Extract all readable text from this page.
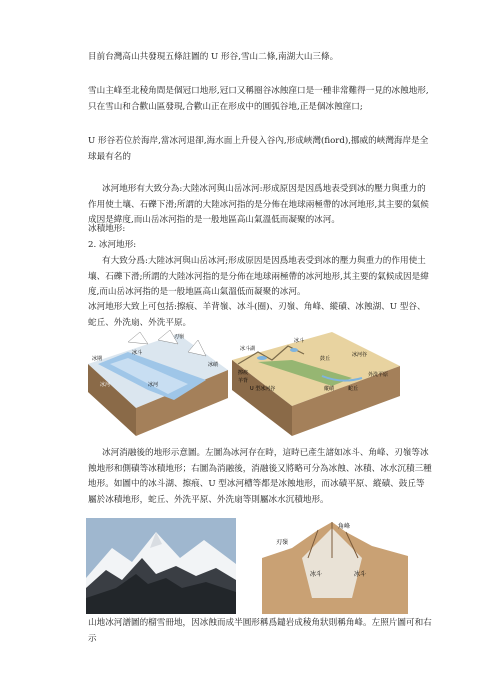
目前台灣高山共發現五條註圖的 U 形谷,雪山二條,南湖大山三條。

雪山主峰至北稜角間是個冠口地形,冠口又稱圈谷冰蝕窪口是一種非常難得一見的冰蝕地形,只在雪山和合歡山區發現,合歡山正在形成中的圓弧谷地,正是個冰蝕窪口;

U 形谷若位於海岸,當冰河退卻,海水面上升侵入谷內,形成峽灣(fiord),挪威的峽灣海岸是全球最有名的

冰河地形有大致分為:大陸冰河與山岳冰河:形成原因是因爲地表受到冰的壓力與重力的作用使土壤、石礫下滑;所謂的大陸冰河指的是分佈在地球兩極帶的冰河地形,其主要的氣候成因是緯度,而山岳冰河指的是一般地區高山氣溫低而凝聚的冰河。

冰積地形:

2. 冰河地形:

有大致分爲:大陸冰河與山岳冰河;形成原因是因爲地表受到冰的壓力與重力的作用使土壤、石礫下滑;所謂的大陸冰河指的是分佈在地球兩極帶的冰河地形,其主要的氣候成因是緯度,而山岳冰河指的是一般地區高山氣溫低而凝聚的冰河。

冰河地形大致上可包括:擦痕、羊背嶺、冰斗(圈)、刃嶺、角峰、縱磧、冰蝕湖、U 型谷、蛇丘、外洗扇、外洗平原。

冰期
冰斗
刃嶺
冰磧
冰河
冰河
冰斗湖
冰斗
鼓丘
冰河谷
外洗平原
擦痕
羊背
U 型冰河谷	縱磧	蛇丘

冰河消融後的地形示意圖。左圖為冰河存在時，這時已產生諸如冰斗、角峰、刃嶺等冰蝕地形和側磧等冰積地形；右圖為消融後，消融後又將略可分為冰蝕、冰積、冰水沉積三種地形。如圖中的冰斗湖、擦痕、U 型冰河槽等都是冰蝕地形，而冰磧平原、縱磧、鼓丘等屬於冰積地形，蛇丘、外洗平原、外洗扇等則屬冰水沉積地形。

刃嶺
角峰
冰斗	冰斗

山地冰河譜圖的榴雪冊地，因冰蝕而成半圓形稱爲鑓岩成稜角狀則稱角峰。左照片圖可和右示
